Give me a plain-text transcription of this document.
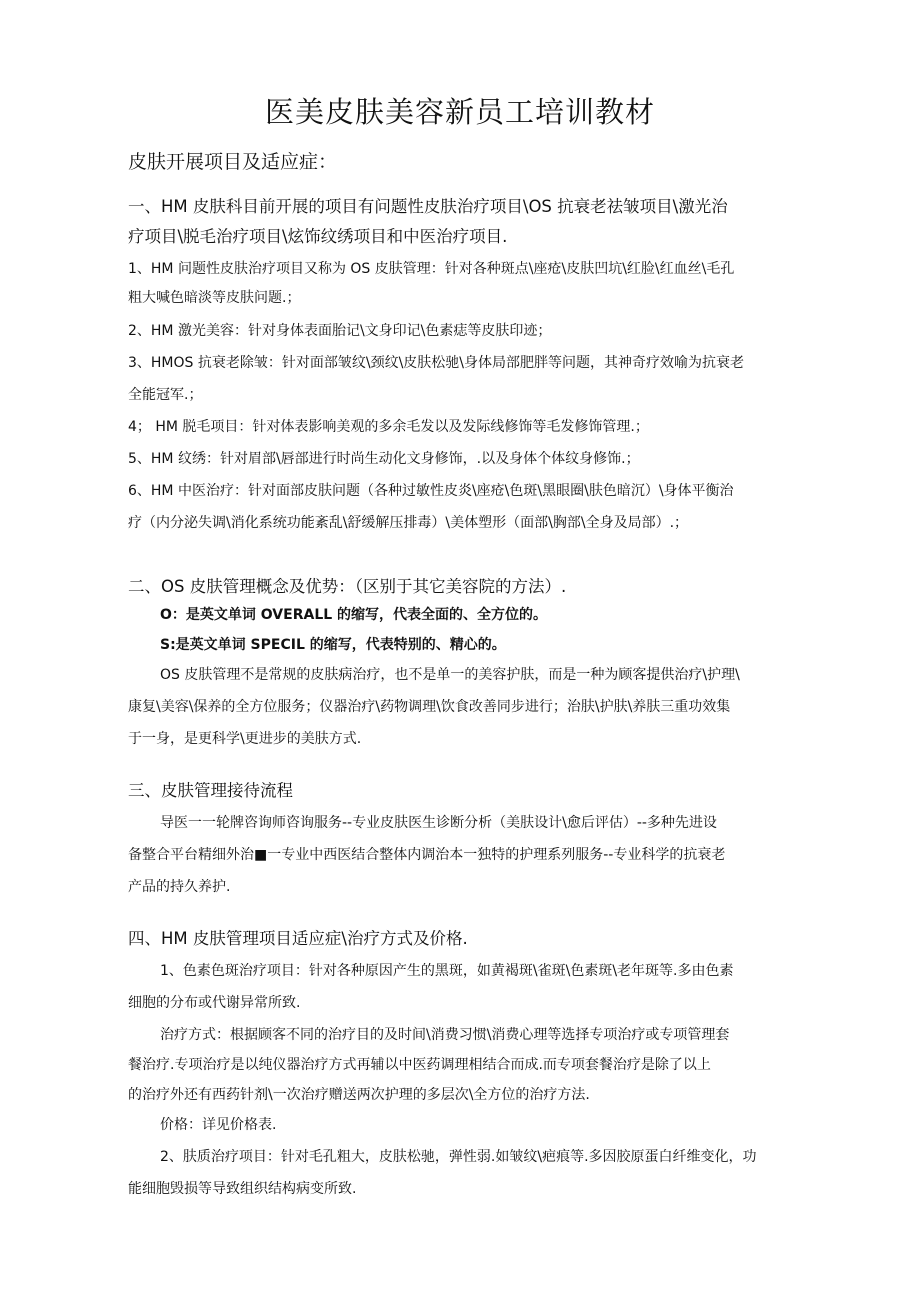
医美皮肤美容新员工培训教材
皮肤开展项目及适应症：
一、HM 皮肤科目前开展的项目有问题性皮肤治疗项目\OS 抗衰老祛皱项目\激光治
疗项目\脱毛治疗项目\炫饰纹绣项目和中医治疗项目.
1、HM 问题性皮肤治疗项目又称为 OS 皮肤管理：针对各种斑点\座疮\皮肤凹坑\红脸\红血丝\毛孔
粗大喊色暗淡等皮肤问题.；
2、HM 激光美容：针对身体表面胎记\文身印记\色素痣等皮肤印迹；
3、HMOS 抗衰老除皱：针对面部皱纹\颈纹\皮肤松驰\身体局部肥胖等问题，其神奇疗效喻为抗衰老
全能冠军.；
4； HM 脱毛项目：针对体表影响美观的多余毛发以及发际线修饰等毛发修饰管理.；
5、HM 纹绣：针对眉部\唇部进行时尚生动化文身修饰，.以及身体个体纹身修饰.；
6、HM 中医治疗：针对面部皮肤问题（各种过敏性皮炎\座疮\色斑\黑眼圈\肤色暗沉）\身体平衡治
疗（内分泌失调\消化系统功能紊乱\舒缓解压排毒）\美体塑形（面部\胸部\全身及局部）.；
二、OS 皮肤管理概念及优势：（区别于其它美容院的方法）.
O：是英文单词 OVERALL 的缩写，代表全面的、全方位的。
S:是英文单词 SPECIL 的缩写，代表特别的、精心的。
OS 皮肤管理不是常规的皮肤病治疗，也不是单一的美容护肤，而是一种为顾客提供治疗\护理\
康复\美容\保养的全方位服务；仪器治疗\药物调理\饮食改善同步进行；治肤\护肤\养肤三重功效集
于一身，是更科学\更进步的美肤方式.
三、皮肤管理接待流程
导医一一轮牌咨询师咨询服务--专业皮肤医生诊断分析（美肤设计\愈后评估）--多种先进设
备整合平台精细外治■一专业中西医结合整体内调治本一独特的护理系列服务--专业科学的抗衰老
产品的持久养护.
四、HM 皮肤管理项目适应症\治疗方式及价格.
1、色素色斑治疗项目：针对各种原因产生的黑斑，如黄褐斑\雀斑\色素斑\老年斑等.多由色素
细胞的分布或代谢异常所致.
治疗方式：根据顾客不同的治疗目的及时间\消费习惯\消费心理等选择专项治疗或专项管理套
餐治疗.专项治疗是以纯仪器治疗方式再辅以中医药调理相结合而成.而专项套餐治疗是除了以上
的治疗外还有西药针剂\一次治疗赠送两次护理的多层次\全方位的治疗方法.
价格：详见价格表.
2、肤质治疗项目：针对毛孔粗大，皮肤松驰，弹性弱.如皱纹\疤痕等.多因胶原蛋白纤维变化，功
能细胞毁损等导致组织结构病变所致.
